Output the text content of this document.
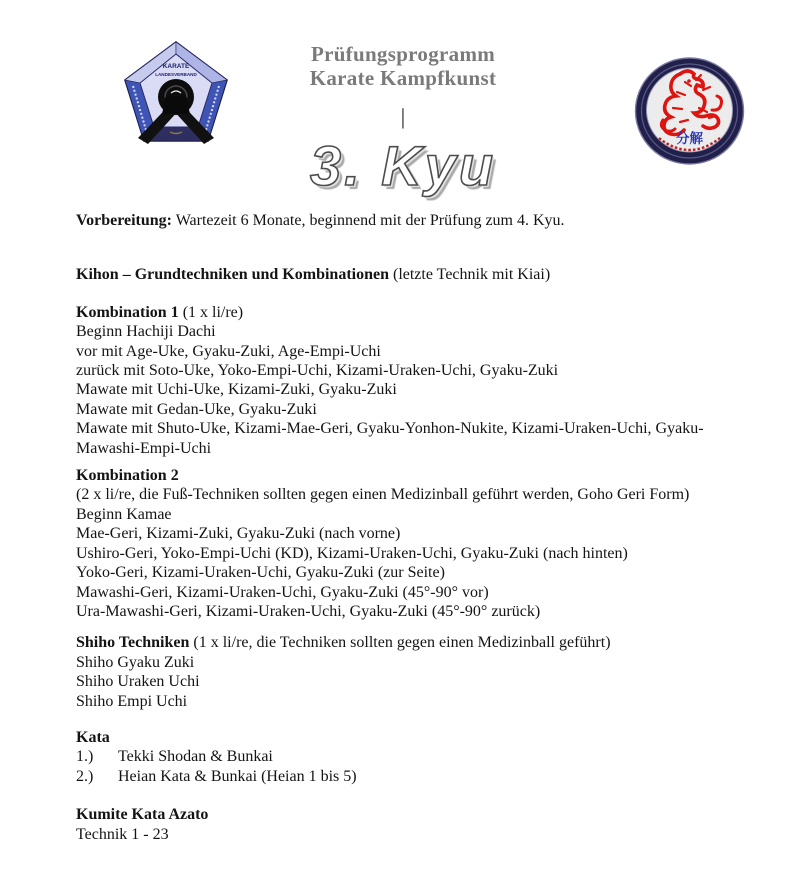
KARATE
LANDESVERBAND
Prüfungsprogramm
Karate Kampfkunst
|
3. Kyu	分解

Vorbereitung: Wartezeit 6 Monate, beginnend mit der Prüfung zum 4. Kyu.

Kihon – Grundtechniken und Kombinationen (letzte Technik mit Kiai)

Kombination 1 (1 x li/re)

Beginn Hachiji Dachi

vor mit Age-Uke, Gyaku-Zuki, Age-Empi-Uchi

zurück mit Soto-Uke, Yoko-Empi-Uchi, Kizami-Uraken-Uchi, Gyaku-Zuki

Mawate mit Uchi-Uke, Kizami-Zuki, Gyaku-Zuki

Mawate mit Gedan-Uke, Gyaku-Zuki

Mawate mit Shuto-Uke, Kizami-Mae-Geri, Gyaku-Yonhon-Nukite, Kizami-Uraken-Uchi, Gyaku-

Mawashi-Empi-Uchi

Kombination 2

(2 x li/re, die Fuß-Techniken sollten gegen einen Medizinball geführt werden, Goho Geri Form)

Beginn Kamae

Mae-Geri, Kizami-Zuki, Gyaku-Zuki (nach vorne)

Ushiro-Geri, Yoko-Empi-Uchi (KD), Kizami-Uraken-Uchi, Gyaku-Zuki (nach hinten)

Yoko-Geri, Kizami-Uraken-Uchi, Gyaku-Zuki (zur Seite)

Mawashi-Geri, Kizami-Uraken-Uchi, Gyaku-Zuki (45°-90° vor)

Ura-Mawashi-Geri, Kizami-Uraken-Uchi, Gyaku-Zuki (45°-90° zurück)

Shiho Techniken (1 x li/re, die Techniken sollten gegen einen Medizinball geführt)

Shiho Gyaku Zuki

Shiho Uraken Uchi

Shiho Empi Uchi

Kata

1.) Tekki Shodan & Bunkai

2.) Heian Kata & Bunkai (Heian 1 bis 5)

Kumite Kata Azato

Technik 1 - 23
